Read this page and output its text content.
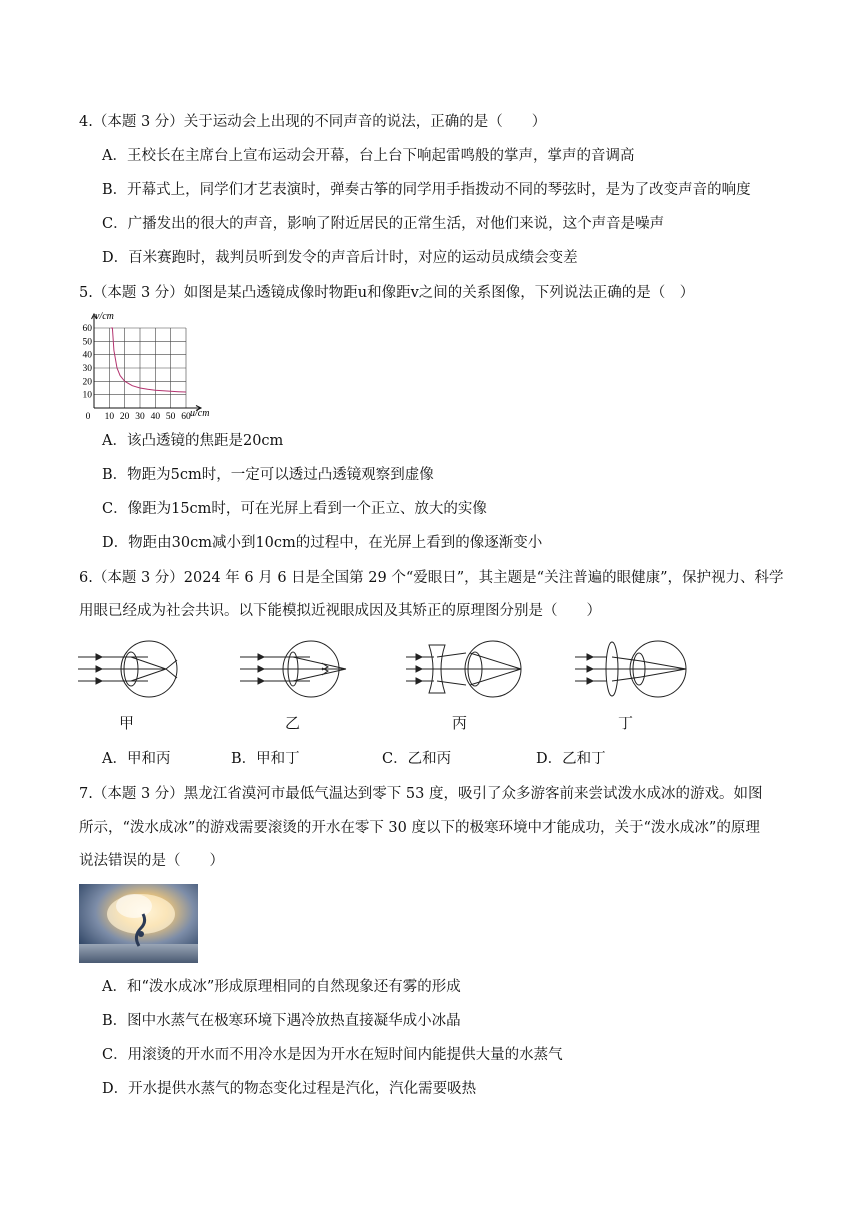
4.（本题 3 分）关于运动会上出现的不同声音的说法，正确的是（　　）
A．王校长在主席台上宣布运动会开幕，台上台下响起雷鸣般的掌声，掌声的音调高
B．开幕式上，同学们才艺表演时，弹奏古筝的同学用手指拨动不同的琴弦时，是为了改变声音的响度
C．广播发出的很大的声音，影响了附近居民的正常生活，对他们来说，这个声音是噪声
D．百米赛跑时，裁判员听到发令的声音后计时，对应的运动员成绩会变差
5.（本题 3 分）如图是某凸透镜成像时物距u和像距v之间的关系图像，下列说法正确的是（　）
0 10 20 30 40 50 60
10
20
30
40
50
60
v/cm
u/cm
A．该凸透镜的焦距是20cm
B．物距为5cm时，一定可以透过凸透镜观察到虚像
C．像距为15cm时，可在光屏上看到一个正立、放大的实像
D．物距由30cm减小到10cm的过程中，在光屏上看到的像逐渐变小
6.（本题 3 分）2024 年 6 月 6 日是全国第 29 个“爱眼日”，其主题是“关注普遍的眼健康”，保护视力、科学
用眼已经成为社会共识。以下能模拟近视眼成因及其矫正的原理图分别是（　　）
甲	乙	丙	丁
A．甲和丙	B．甲和丁	C．乙和丙	D．乙和丁
7.（本题 3 分）黑龙江省漠河市最低气温达到零下 53 度，吸引了众多游客前来尝试泼水成冰的游戏。如图
所示，“泼水成冰”的游戏需要滚烫的开水在零下 30 度以下的极寒环境中才能成功，关于“泼水成冰”的原理
说法错误的是（　　）
A．和“泼水成冰”形成原理相同的自然现象还有雾的形成
B．图中水蒸气在极寒环境下遇冷放热直接凝华成小冰晶
C．用滚烫的开水而不用冷水是因为开水在短时间内能提供大量的水蒸气
D．开水提供水蒸气的物态变化过程是汽化，汽化需要吸热
